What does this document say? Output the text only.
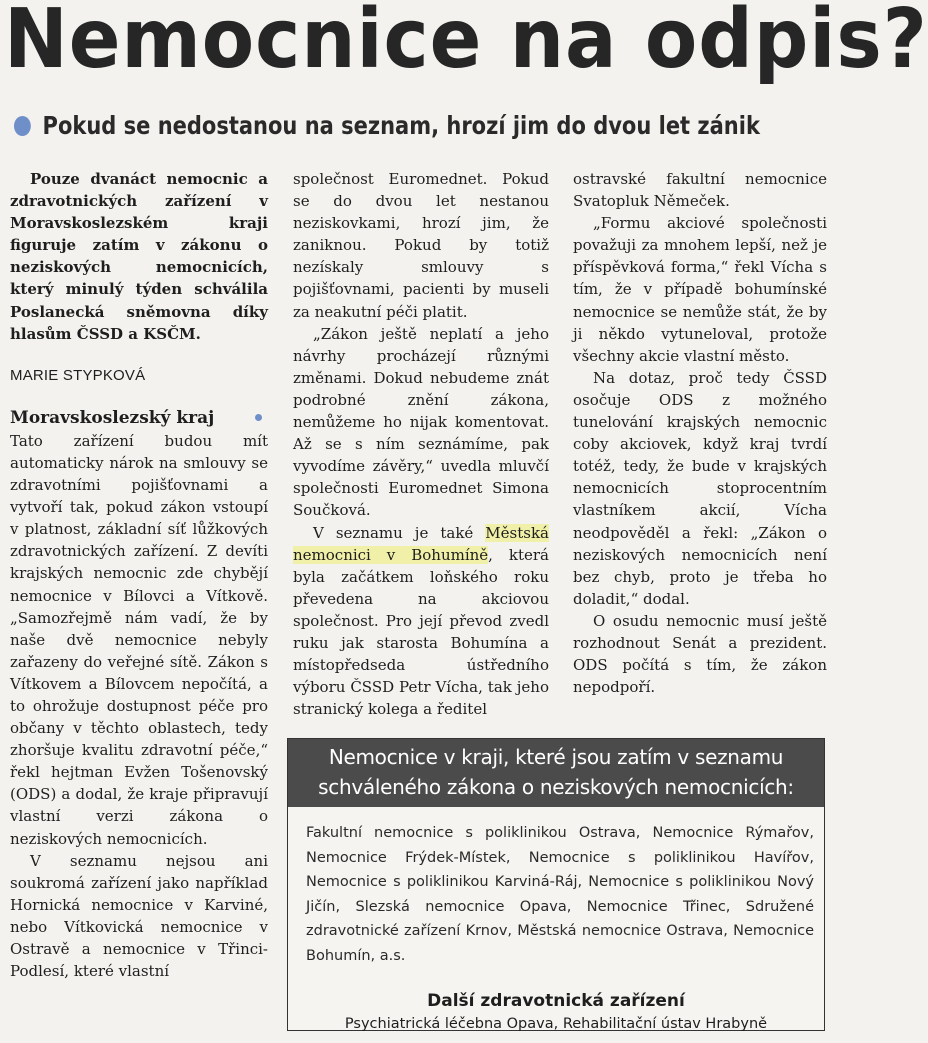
Nemocnice na odpis?
Pokud se nedostanou na seznam, hrozí jim do dvou let zánik

Pouze dvanáct nemocnic a zdravotnických zařízení v Moravskoslezském kraji figuruje zatím v zákonu o neziskových nemocnicích, který minulý týden schválila Poslanecká sněmovna díky hlasům ČSSD a KSČM.

MARIE STYPKOVÁ
Moravskoslezský kraj

Tato zařízení budou mít automaticky nárok na smlouvy se zdravotními pojišťovnami a vytvoří tak, pokud zákon vstoupí v platnost, základní síť lůžkových zdravotnických zařízení. Z devíti krajských nemocnic zde chybějí nemocnice v Bílovci a Vítkově. „Samozřejmě nám vadí, že by naše dvě nemocnice nebyly zařazeny do veřejné sítě. Zákon s Vítkovem a Bílovcem nepočítá, a to ohrožuje dostupnost péče pro občany v těchto oblastech, tedy zhoršuje kvalitu zdravotní péče,“ řekl hejtman Evžen Tošenovský (ODS) a dodal, že kraje připravují vlastní verzi zákona o neziskových nemocnicích.

V seznamu nejsou ani soukromá zařízení jako například Hornická nemocnice v Karviné, nebo Vítkovická nemocnice v Ostravě a nemocnice v Třinci-Podlesí, které vlastní

společnost Euromednet. Pokud se do dvou let nestanou neziskovkami, hrozí jim, že zaniknou. Pokud by totiž nezískaly smlouvy s pojišťovnami, pacienti by museli za neakutní péči platit.

„Zákon ještě neplatí a jeho návrhy procházejí různými změnami. Dokud nebudeme znát podrobné znění zákona, nemůžeme ho nijak komentovat. Až se s ním seznámíme, pak vyvodíme závěry,“ uvedla mluvčí společnosti Euromednet Simona Součková.

V seznamu je také Městská nemocnici v Bohumíně, která byla začátkem loňského roku převedena na akciovou společnost. Pro její převod zvedl ruku jak starosta Bohumína a místopředseda ústředního výboru ČSSD Petr Vícha, tak jeho stranický kolega a ředitel

ostravské fakultní nemocnice Svatopluk Němeček.

„Formu akciové společnosti považuji za mnohem lepší, než je příspěvková forma,“ řekl Vícha s tím, že v případě bohumínské nemocnice se nemůže stát, že by ji někdo vytuneloval, protože všechny akcie vlastní město.

Na dotaz, proč tedy ČSSD osočuje ODS z možného tunelování krajských nemocnic coby akciovek, když kraj tvrdí totéž, tedy, že bude v krajských nemocnicích stoprocentním vlastníkem akcií, Vícha neodpověděl a řekl: „Zákon o neziskových nemocnicích není bez chyb, proto je třeba ho doladit,“ dodal.

O osudu nemocnic musí ještě rozhodnout Senát a prezident. ODS počítá s tím, že zákon nepodpoří.

Nemocnice v kraji, které jsou zatím v seznamu schváleného zákona o neziskových nemocnicích:
Fakultní nemocnice s poliklinikou Ostrava, Nemocnice Rýmařov, Nemocnice Frýdek-Místek, Nemocnice s poliklinikou Havířov, Nemocnice s poliklinikou Karviná-Ráj, Nemocnice s poliklinikou Nový Jičín, Slezská nemocnice Opava, Nemocnice Třinec, Sdružené zdravotnické zařízení Krnov, Městská nemocnice Ostrava, Nemocnice Bohumín, a.s.
Další zdravotnická zařízení
Psychiatrická léčebna Opava, Rehabilitační ústav Hrabyně
